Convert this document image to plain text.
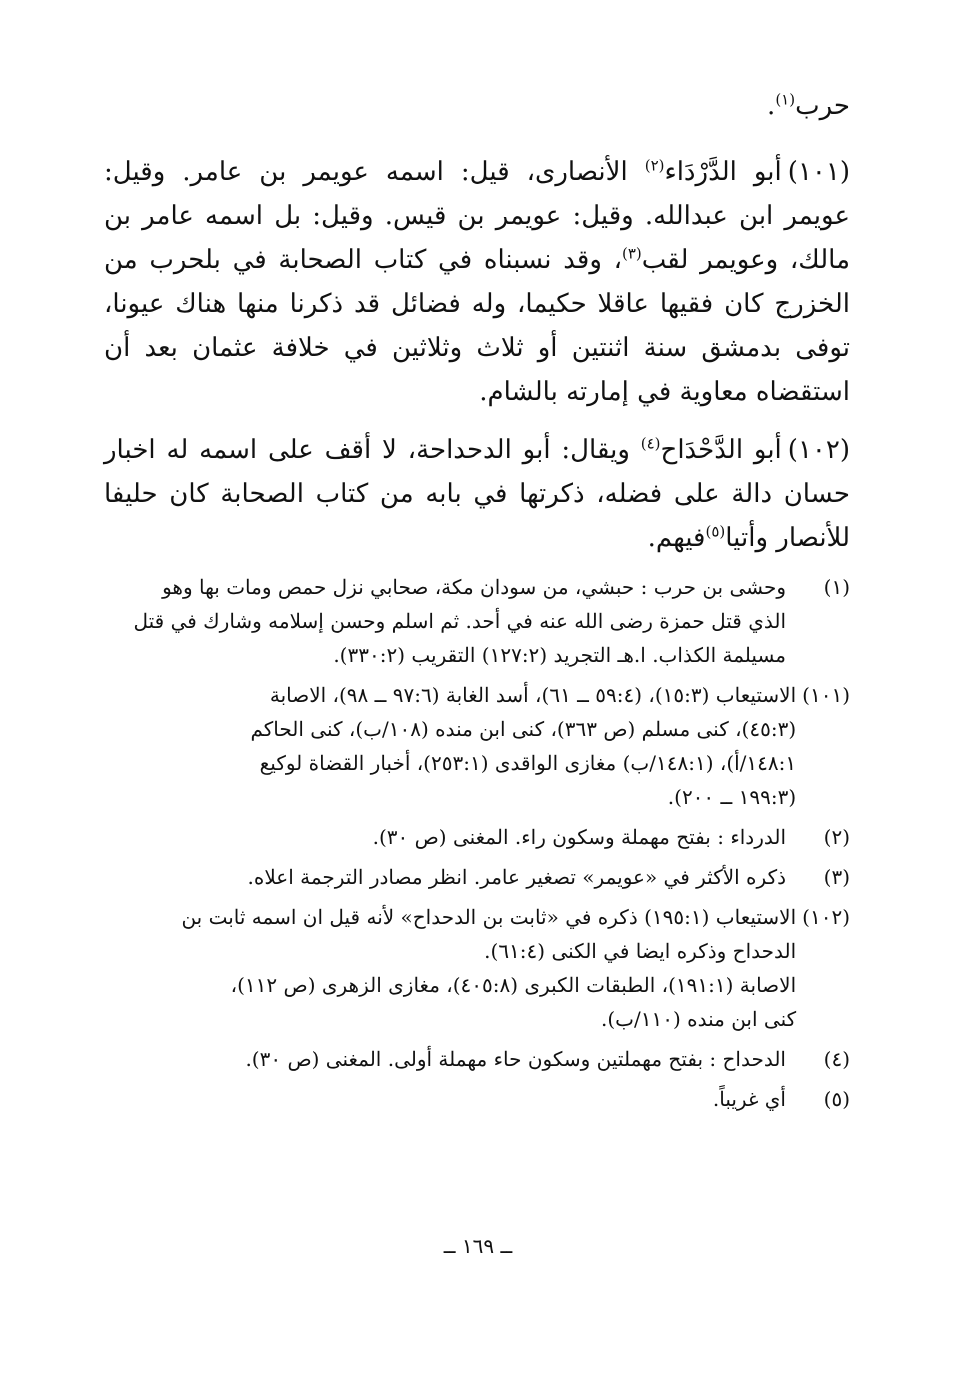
حرب$^{(١)}$.

(١٠١)أبو الدَّرْدَاء$^{(٢)}$ الأنصارى، قيل: اسمه عويمر بن عامر. وقيل: عويمر ابن عبدالله. وقيل: عويمر بن قيس. وقيل: بل اسمه عامر بن مالك، وعويمر لقب$^{(٣)}$، وقد نسبناه في كتاب الصحابة في بلحرب من الخزرج كان فقيها عاقلا حكيما، وله فضائل قد ذكرنا منها هناك عيونا، توفى بدمشق سنة اثنتين أو ثلاث وثلاثين في خلافة عثمان بعد أن استقضاه معاوية في إمارته بالشام.

(١٠٢)أبو الدَّحْدَاح$^{(٤)}$ ويقال: أبو الدحداحة، لا أقف على اسمه له اخبار حسان دالة على فضله، ذكرتها في بابه من كتاب الصحابة كان حليفا للأنصار وأتيا$^{(٥)}$فيهم.

(١)
وحشى بن حرب : حبشي، من سودان مكة، صحابي نزل حمص ومات بها وهو
الذي قتل حمزة رضى الله عنه في أحد. ثم اسلم وحسن إسلامه وشارك في قتل
مسيلمة الكذاب. ا.هـ التجريد (١٢٧:٢) التقريب (٣٣٠:٢).
(١٠١)
الاستيعاب (١٥:٣)، (٥٩:٤ ــ ٦١)، أسد الغابة (٩٧:٦ ــ ٩٨)، الاصابة
(٤٥:٣)، كنى مسلم (ص ٣٦٣)، كنى ابن منده (١٠٨/ب)، كنى الحاكم
١٤٨:١/أ)، (١٤٨:١/ب) مغازى الواقدى (٢٥٣:١)، أخبار القضاة لوكيع
(١٩٩:٣ ــ ٢٠٠).
(٢)
الدرداء : بفتح مهملة وسكون راء. المغنى (ص ٣٠).
(٣)
ذكره الأكثر في «عويمر» تصغير عامر. انظر مصادر الترجمة اعلاه.
(١٠٢)
الاستيعاب (١٩٥:١) ذكره في «ثابت بن الدحداح» لأنه قيل ان اسمه ثابت بن
الدحداح وذكره ايضا في الكنى (٦١:٤).
الاصابة (١٩١:١)، الطبقات الكبرى (٤٠٥:٨)، مغازى الزهرى (ص ١١٢)،
كنى ابن منده (١١٠/ب).
(٤)
الدحداح : بفتح مهملتين وسكون حاء مهملة أولى. المغنى (ص ٣٠).
(٥)
أي غريباً.
ــ ١٦٩ ــ
